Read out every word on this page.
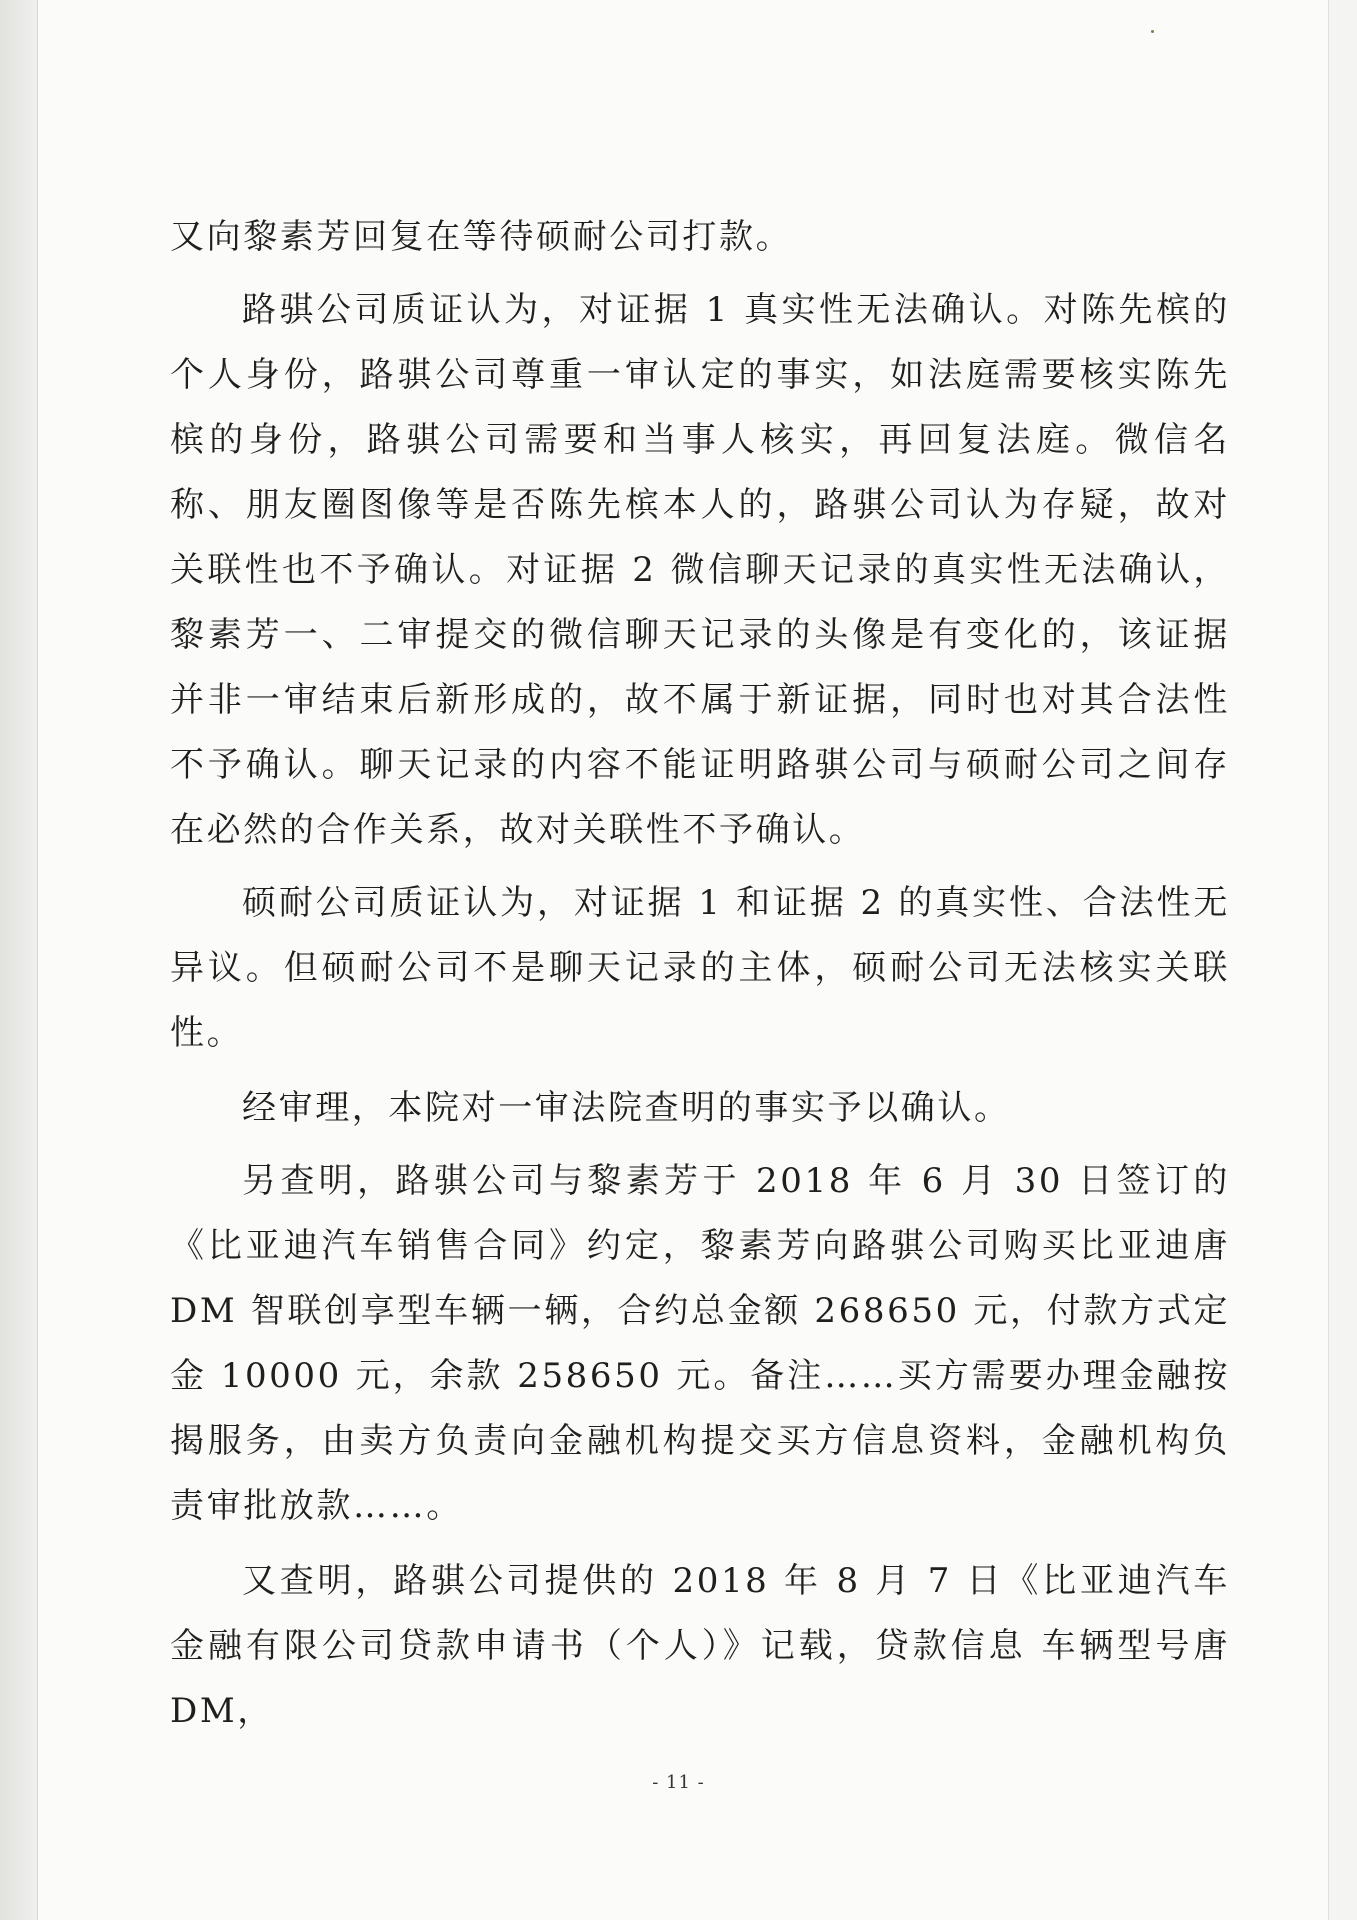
又向黎素芳回复在等待硕耐公司打款。

路骐公司质证认为，对证据 1 真实性无法确认。对陈先槟的个人身份，路骐公司尊重一审认定的事实，如法庭需要核实陈先槟的身份，路骐公司需要和当事人核实，再回复法庭。微信名称、朋友圈图像等是否陈先槟本人的，路骐公司认为存疑，故对关联性也不予确认。对证据 2 微信聊天记录的真实性无法确认，黎素芳一、二审提交的微信聊天记录的头像是有变化的，该证据并非一审结束后新形成的，故不属于新证据，同时也对其合法性不予确认。聊天记录的内容不能证明路骐公司与硕耐公司之间存在必然的合作关系，故对关联性不予确认。

硕耐公司质证认为，对证据 1 和证据 2 的真实性、合法性无异议。但硕耐公司不是聊天记录的主体，硕耐公司无法核实关联性。

经审理，本院对一审法院查明的事实予以确认。

另查明，路骐公司与黎素芳于 2018 年 6 月 30 日签订的《比亚迪汽车销售合同》约定，黎素芳向路骐公司购买比亚迪唐 DM 智联创享型车辆一辆，合约总金额 268650 元，付款方式定金 10000 元，余款 258650 元。备注……买方需要办理金融按揭服务，由卖方负责向金融机构提交买方信息资料，金融机构负责审批放款……。

又查明，路骐公司提供的 2018 年 8 月 7 日《比亚迪汽车金融有限公司贷款申请书（个人）》记载，贷款信息 车辆型号唐 DM，

- 11 -
